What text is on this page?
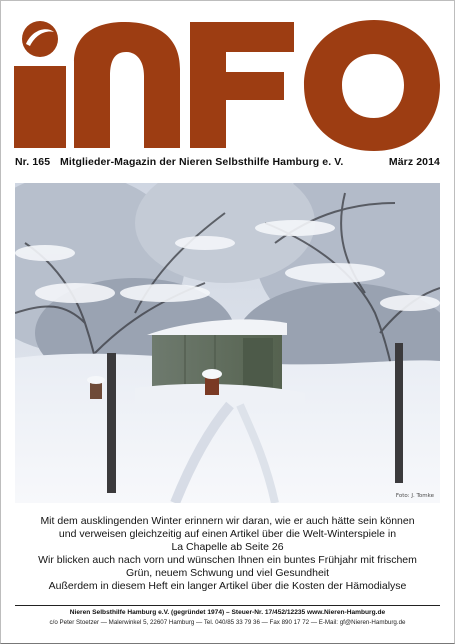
Nr. 165 Mitglieder-Magazin der Nieren Selbsthilfe Hamburg e. V.	März 2014
Foto: J. Tomke
Mit dem ausklingenden Winter erinnern wir daran, wie er auch hätte sein können
und verweisen gleichzeitig auf einen Artikel über die Welt-Winterspiele in
La Chapelle ab Seite 26
Wir blicken auch nach vorn und wünschen Ihnen ein buntes Frühjahr mit frischem
Grün, neuem Schwung und viel Gesundheit
Außerdem in diesem Heft ein langer Artikel über die Kosten der Hämodialyse
Nieren Selbsthilfe Hamburg e.V. (gegründet 1974) – Steuer-Nr. 17/452/12235 www.Nieren-Hamburg.de
c/o Peter Stoetzer — Malerwinkel 5, 22607 Hamburg — Tel. 040/85 33 79 36 — Fax 890 17 72 — E-Mail: gf@Nieren-Hamburg.de
